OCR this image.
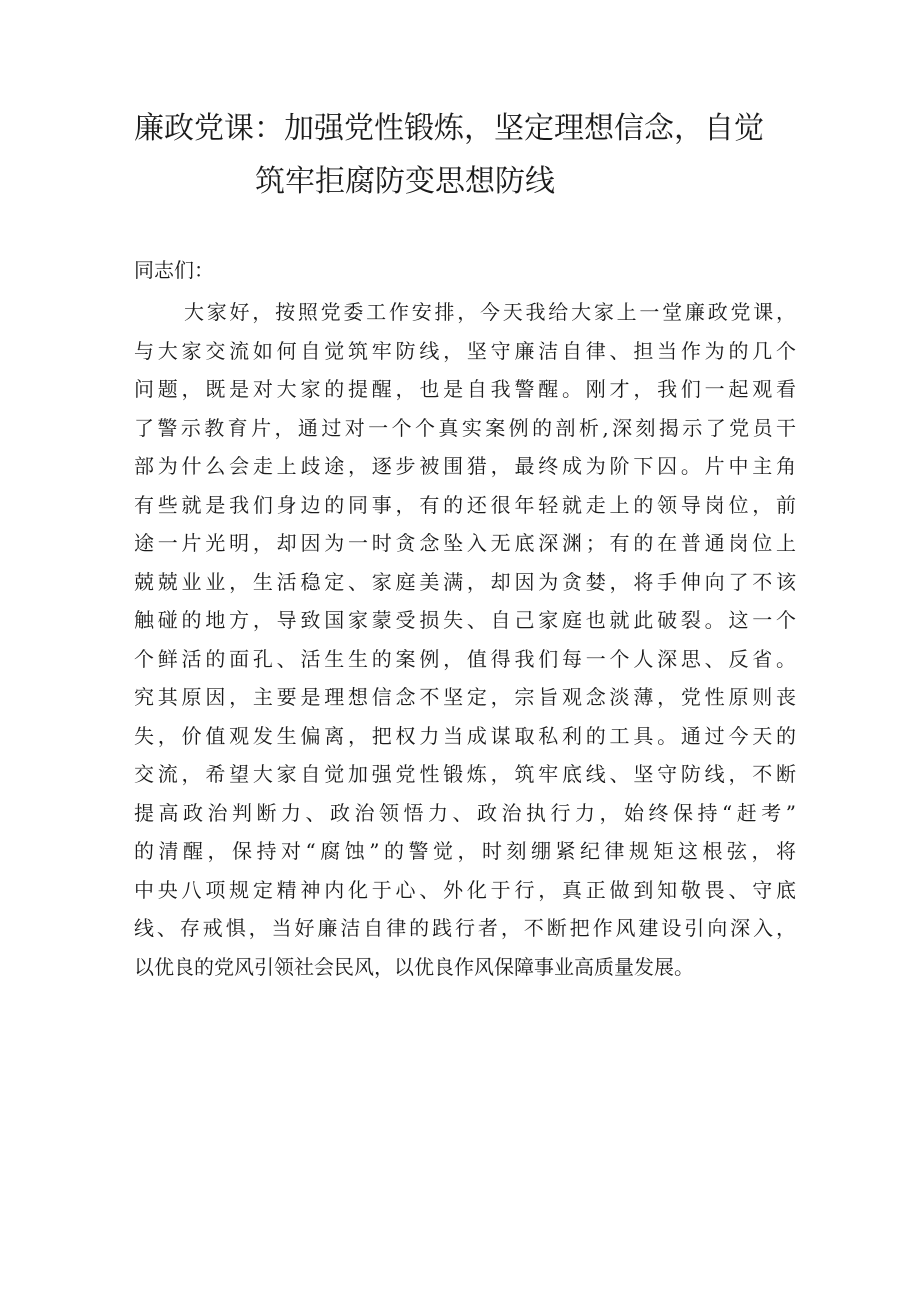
廉政党课：加强党性锻炼，坚定理想信念，自觉
筑牢拒腐防变思想防线

同志们：

大家好，按照党委工作安排，今天我给大家上一堂廉政党课，
与大家交流如何自觉筑牢防线，坚守廉洁自律、担当作为的几个
问题，既是对大家的提醒，也是自我警醒。刚才，我们一起观看
了警示教育片，通过对一个个真实案例的剖析,深刻揭示了党员干
部为什么会走上歧途，逐步被围猎，最终成为阶下囚。片中主角
有些就是我们身边的同事，有的还很年轻就走上的领导岗位，前
途一片光明，却因为一时贪念坠入无底深渊；有的在普通岗位上
兢兢业业，生活稳定、家庭美满，却因为贪婪，将手伸向了不该
触碰的地方，导致国家蒙受损失、自己家庭也就此破裂。这一个
个鲜活的面孔、活生生的案例，值得我们每一个人深思、反省。
究其原因，主要是理想信念不坚定，宗旨观念淡薄，党性原则丧
失，价值观发生偏离，把权力当成谋取私利的工具。通过今天的
交流，希望大家自觉加强党性锻炼，筑牢底线、坚守防线，不断
提高政治判断力、政治领悟力、政治执行力，始终保持“赶考”
的清醒，保持对“腐蚀”的警觉，时刻绷紧纪律规矩这根弦，将
中央八项规定精神内化于心、外化于行，真正做到知敬畏、守底
线、存戒惧，当好廉洁自律的践行者，不断把作风建设引向深入，
以优良的党风引领社会民风，以优良作风保障事业高质量发展。
